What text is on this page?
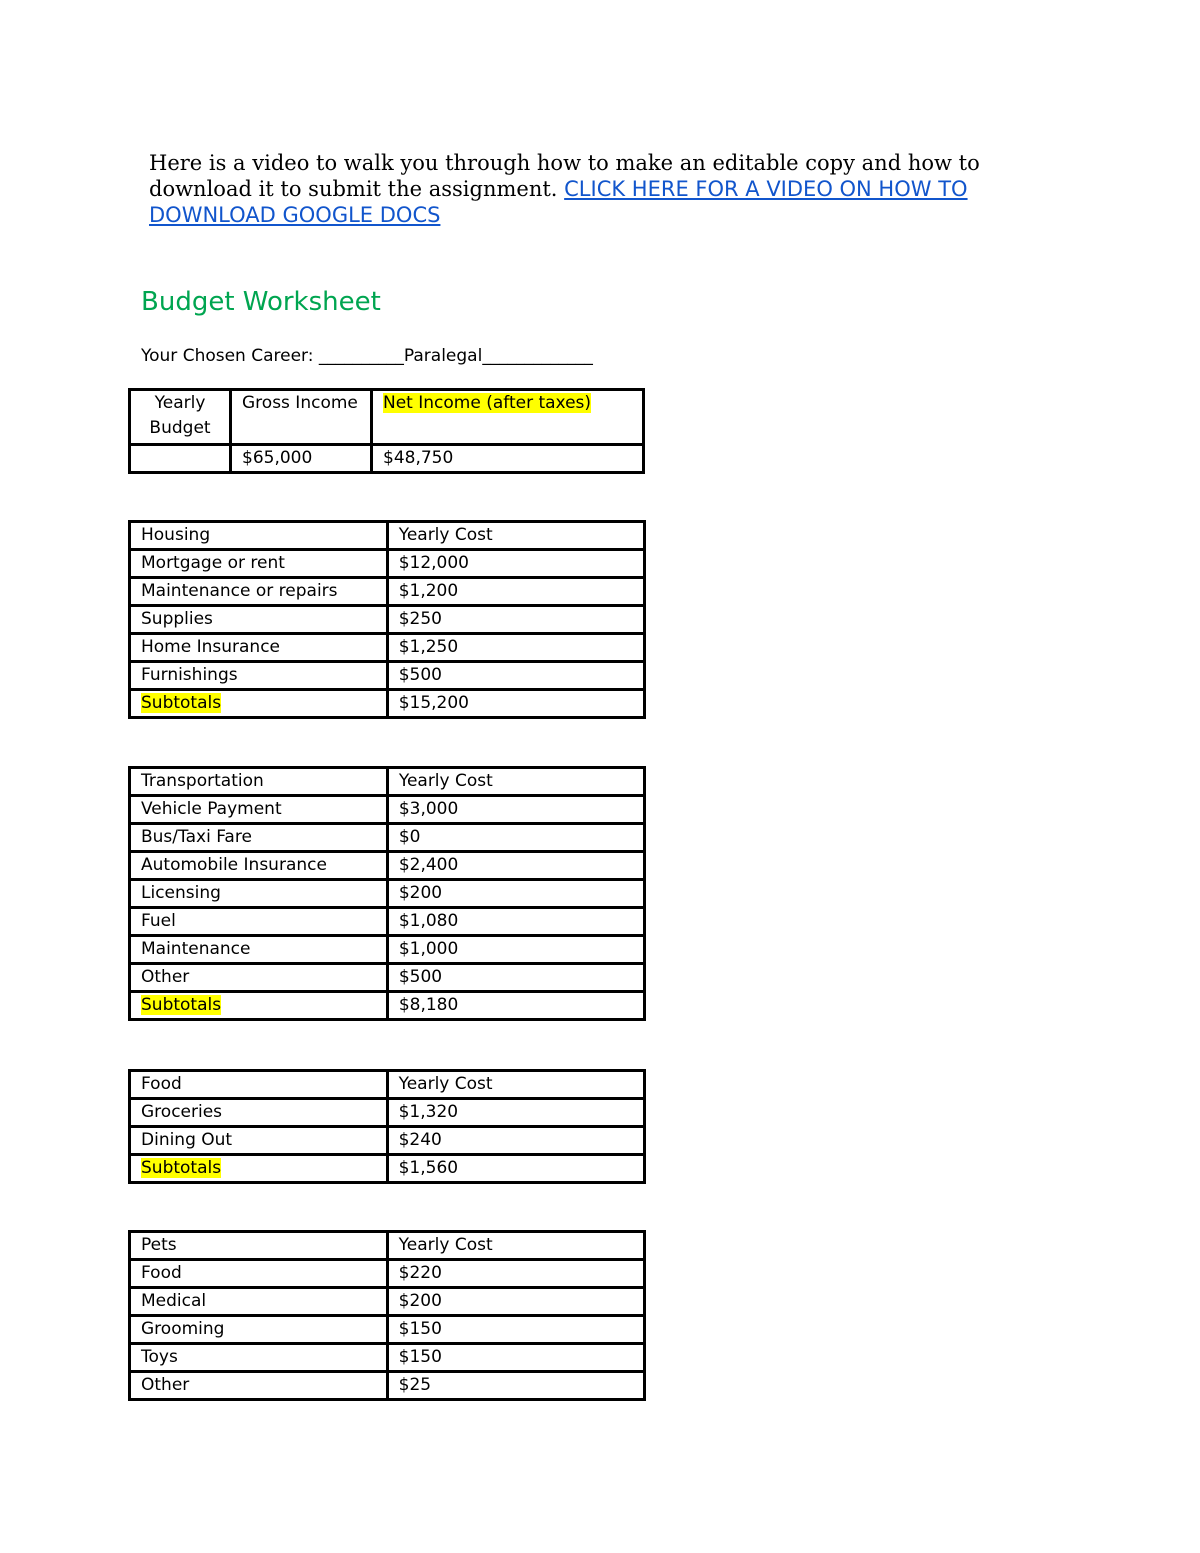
Here is a video to walk you through how to make an editable copy and how to download it to submit the assignment. CLICK HERE FOR A VIDEO ON HOW TO DOWNLOAD GOOGLE DOCS
Budget Worksheet
Your Chosen Career: __________Paralegal_____________
Yearly Budget	Gross Income	Net Income (after taxes)
	$65,000	$48,750
Housing	Yearly Cost
Mortgage or rent	$12,000
Maintenance or repairs	$1,200
Supplies	$250
Home Insurance	$1,250
Furnishings	$500
Subtotals	$15,200
Transportation	Yearly Cost
Vehicle Payment	$3,000
Bus/Taxi Fare	$0
Automobile Insurance	$2,400
Licensing	$200
Fuel	$1,080
Maintenance	$1,000
Other	$500
Subtotals	$8,180
Food	Yearly Cost
Groceries	$1,320
Dining Out	$240
Subtotals	$1,560
Pets	Yearly Cost
Food	$220
Medical	$200
Grooming	$150
Toys	$150
Other	$25
